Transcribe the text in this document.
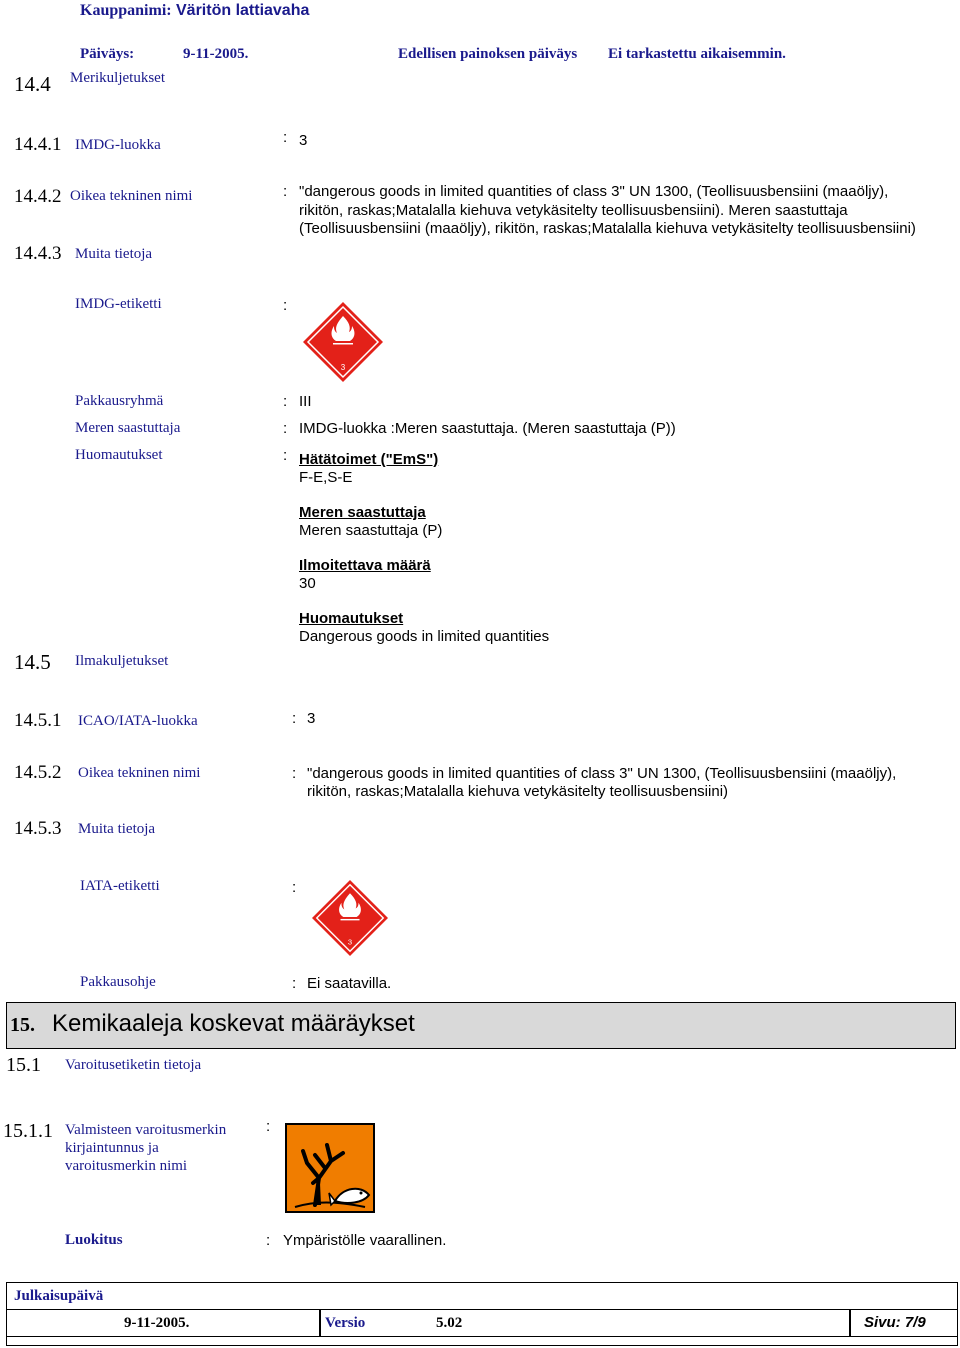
Kauppanimi: Väritön lattiavaha
Päiväys:	9-11-2005.	Edellisen painoksen päiväys Ei tarkastettu aikaisemmin.
14.4 Merikuljetukset
14.4.1 IMDG-luokka	: 3
14.4.2 Oikea tekninen nimi	: "dangerous goods in limited quantities of class 3" UN 1300, (Teollisuusbensiini (maaöljy),
rikitön, raskas;Matalalla kiehuva vetykäsitelty teollisuusbensiini). Meren saastuttaja
(Teollisuusbensiini (maaöljy), rikitön, raskas;Matalalla kiehuva vetykäsitelty teollisuusbensiini)
14.4.3 Muita tietoja
IMDG-etiketti	:
3
Pakkausryhmä	: III
Meren saastuttaja	: IMDG-luokka :Meren saastuttaja. (Meren saastuttaja (P))
Huomautukset	: Hätätoimet ("EmS")
F-E,S-E
Meren saastuttaja
Meren saastuttaja (P)
Ilmoitettava määrä
30
Huomautukset
Dangerous goods in limited quantities
14.5 Ilmakuljetukset
14.5.1 ICAO/IATA-luokka	: 3
14.5.2 Oikea tekninen nimi	: "dangerous goods in limited quantities of class 3" UN 1300, (Teollisuusbensiini (maaöljy),
rikitön, raskas;Matalalla kiehuva vetykäsitelty teollisuusbensiini)
14.5.3 Muita tietoja
IATA-etiketti	:
3
Pakkausohje	: Ei saatavilla.
15. Kemikaaleja koskevat määräykset
15.1 Varoitusetiketin tietoja
15.1.1 Valmisteen varoitusmerkin
kirjaintunnus ja
varoitusmerkin nimi
:
Luokitus	: Ympäristölle vaarallinen.
Julkaisupäivä
9-11-2005.	Versio	5.02	Sivu: 7/9
